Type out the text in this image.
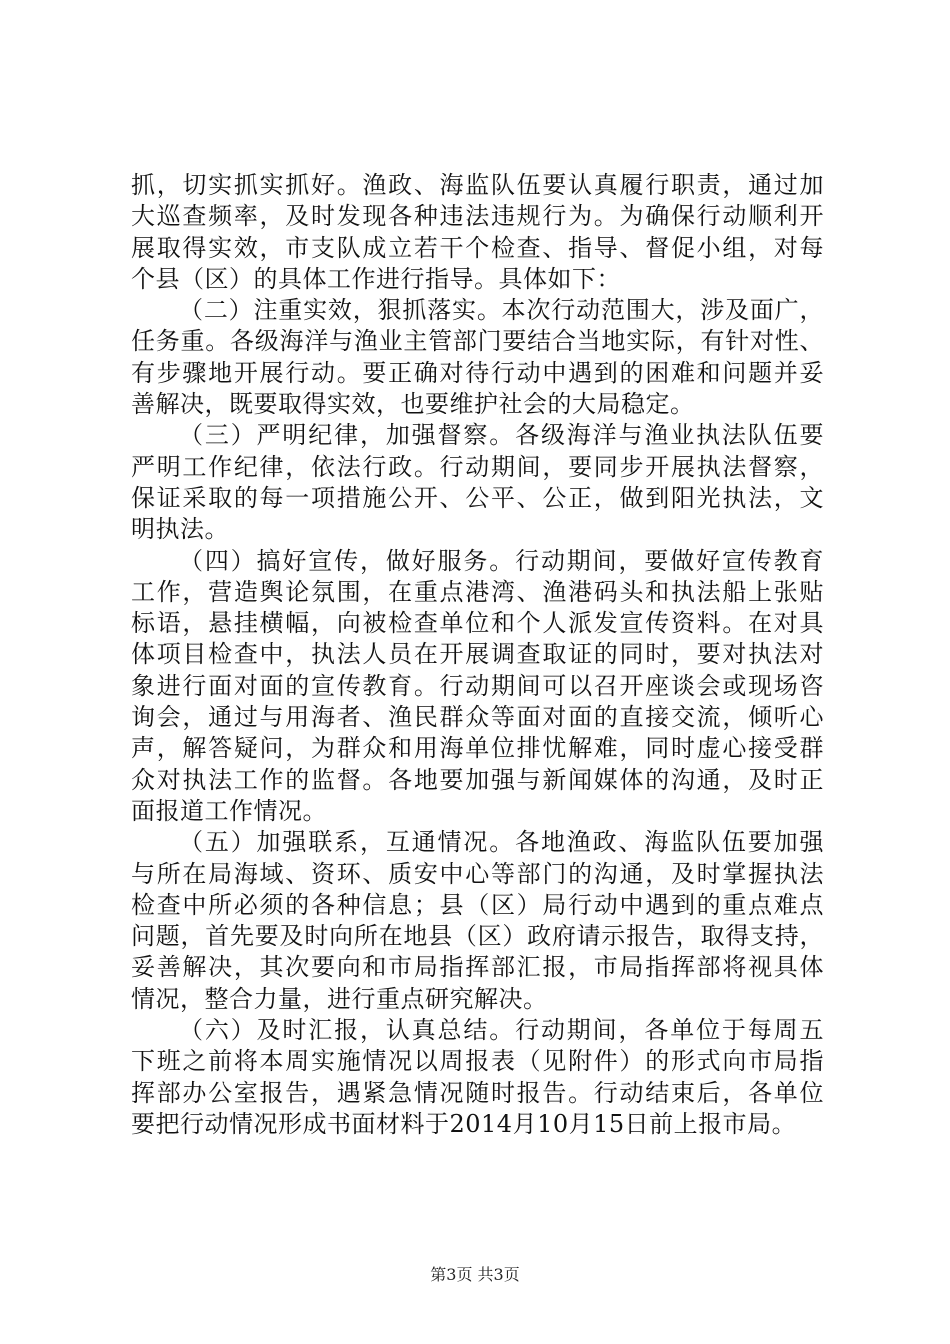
抓，切实抓实抓好。渔政、海监队伍要认真履行职责，通过加
大巡查频率，及时发现各种违法违规行为。为确保行动顺利开
展取得实效，市支队成立若干个检查、指导、督促小组，对每
个县（区）的具体工作进行指导。具体如下：
（二）注重实效，狠抓落实。本次行动范围大，涉及面广，
任务重。各级海洋与渔业主管部门要结合当地实际，有针对性、
有步骤地开展行动。要正确对待行动中遇到的困难和问题并妥
善解决，既要取得实效，也要维护社会的大局稳定。
（三）严明纪律，加强督察。各级海洋与渔业执法队伍要
严明工作纪律，依法行政。行动期间，要同步开展执法督察，
保证采取的每一项措施公开、公平、公正，做到阳光执法，文
明执法。
（四）搞好宣传，做好服务。行动期间，要做好宣传教育
工作，营造舆论氛围，在重点港湾、渔港码头和执法船上张贴
标语，悬挂横幅，向被检查单位和个人派发宣传资料。在对具
体项目检查中，执法人员在开展调查取证的同时，要对执法对
象进行面对面的宣传教育。行动期间可以召开座谈会或现场咨
询会，通过与用海者、渔民群众等面对面的直接交流，倾听心
声，解答疑问，为群众和用海单位排忧解难，同时虚心接受群
众对执法工作的监督。各地要加强与新闻媒体的沟通，及时正
面报道工作情况。
（五）加强联系，互通情况。各地渔政、海监队伍要加强
与所在局海域、资环、质安中心等部门的沟通，及时掌握执法
检查中所必须的各种信息；县（区）局行动中遇到的重点难点
问题，首先要及时向所在地县（区）政府请示报告，取得支持，
妥善解决，其次要向和市局指挥部汇报，市局指挥部将视具体
情况，整合力量，进行重点研究解决。
（六）及时汇报，认真总结。行动期间，各单位于每周五
下班之前将本周实施情况以周报表（见附件）的形式向市局指
挥部办公室报告，遇紧急情况随时报告。行动结束后，各单位
要把行动情况形成书面材料于2014月10月15日前上报市局。
第3页 共3页
